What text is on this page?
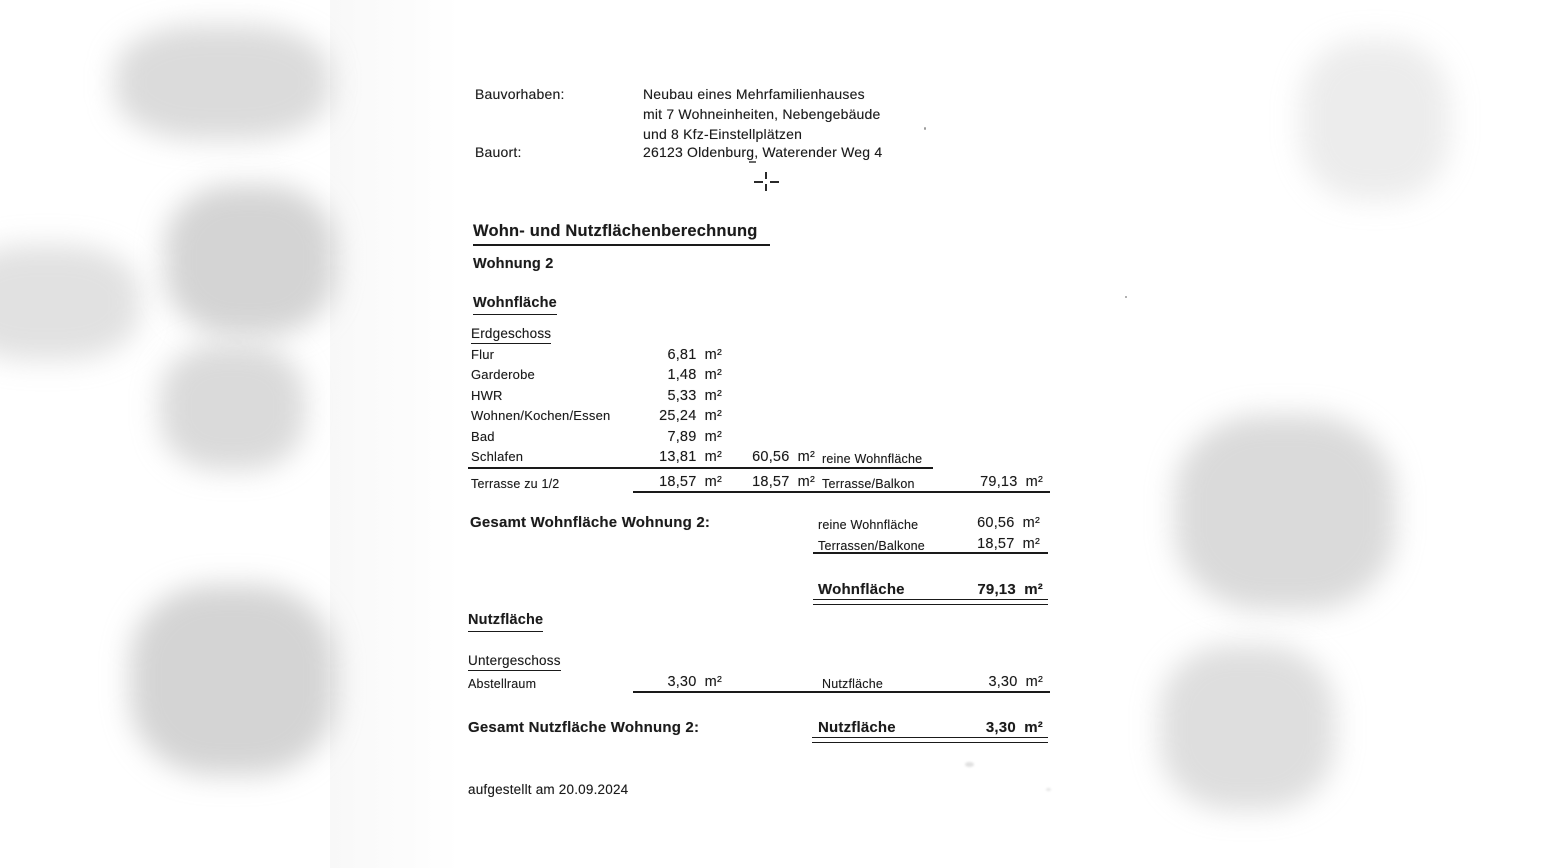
Bauvorhaben:	Neubau eines Mehrfamilienhauses
mit 7 Wohneinheiten, Nebengebäude
und 8 Kfz-Einstellplätzen
Bauort:	26123 Oldenburg, Waterender Weg 4
Wohn- und Nutzflächenberechnung
Wohnung 2
Wohnfläche
Erdgeschoss
Flur	6,81 m²
Garderobe	1,48 m²
HWR	5,33 m²
Wohnen/Kochen/Essen	25,24 m²
Bad	7,89 m²
Schlafen	13,81 m²	60,56 m² reine Wohnfläche
Terrasse zu 1/2	18,57 m²	18,57 m² Terrasse/Balkon	79,13 m²
Gesamt Wohnfläche Wohnung 2:	reine Wohnfläche	60,56 m²
Terrassen/Balkone	18,57 m²
Wohnfläche	79,13 m²
Nutzfläche
Untergeschoss
Abstellraum	3,30 m²	Nutzfläche	3,30 m²
Gesamt Nutzfläche Wohnung 2:	Nutzfläche	3,30 m²
aufgestellt am 20.09.2024
